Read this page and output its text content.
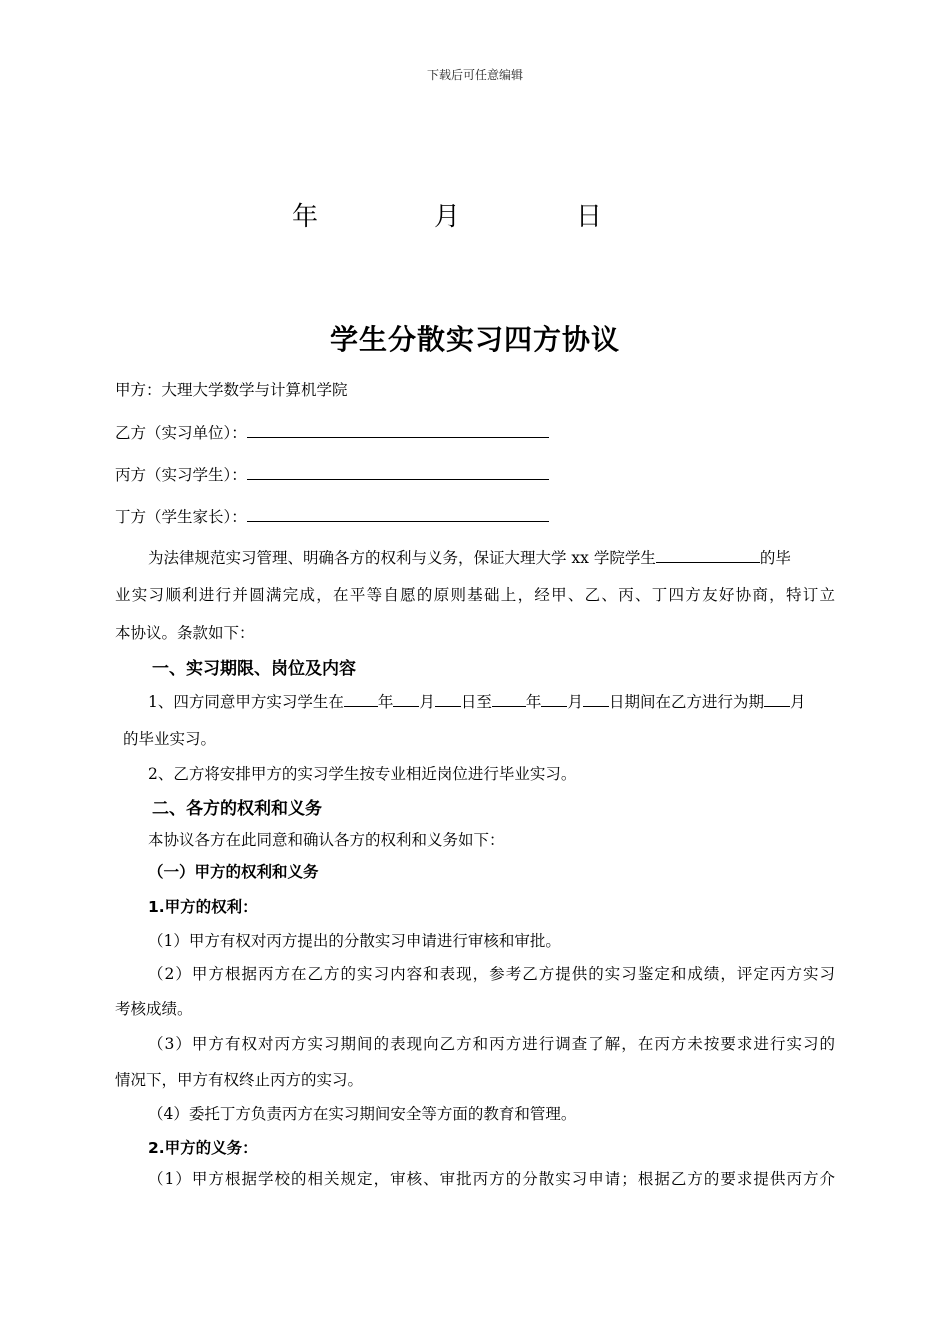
下载后可任意编辑
年	月	日
学生分散实习四方协议
甲方：大理大学数学与计算机学院
乙方（实习单位）：
丙方（实习学生）：
丁方（学生家长）：
为法律规范实习管理、明确各方的权利与义务，保证大理大学 xx 学院学生	的毕
业实习顺利进行并圆满完成，在平等自愿的原则基础上，经甲、乙、丙、丁四方友好协商，特订立
本协议。条款如下：
一、实习期限、岗位及内容
1、四方同意甲方实习学生在 年 月 日至 年 月 日期间在乙方进行为期 月
的毕业实习。
2、乙方将安排甲方的实习学生按专业相近岗位进行毕业实习。
二、各方的权利和义务
本协议各方在此同意和确认各方的权利和义务如下：
（一）甲方的权利和义务
1.甲方的权利：
（1）甲方有权对丙方提出的分散实习申请进行审核和审批。
（2）甲方根据丙方在乙方的实习内容和表现，参考乙方提供的实习鉴定和成绩，评定丙方实习
考核成绩。
（3）甲方有权对丙方实习期间的表现向乙方和丙方进行调查了解，在丙方未按要求进行实习的
情况下，甲方有权终止丙方的实习。
（4）委托丁方负责丙方在实习期间安全等方面的教育和管理。
2.甲方的义务：
（1）甲方根据学校的相关规定，审核、审批丙方的分散实习申请；根据乙方的要求提供丙方介
